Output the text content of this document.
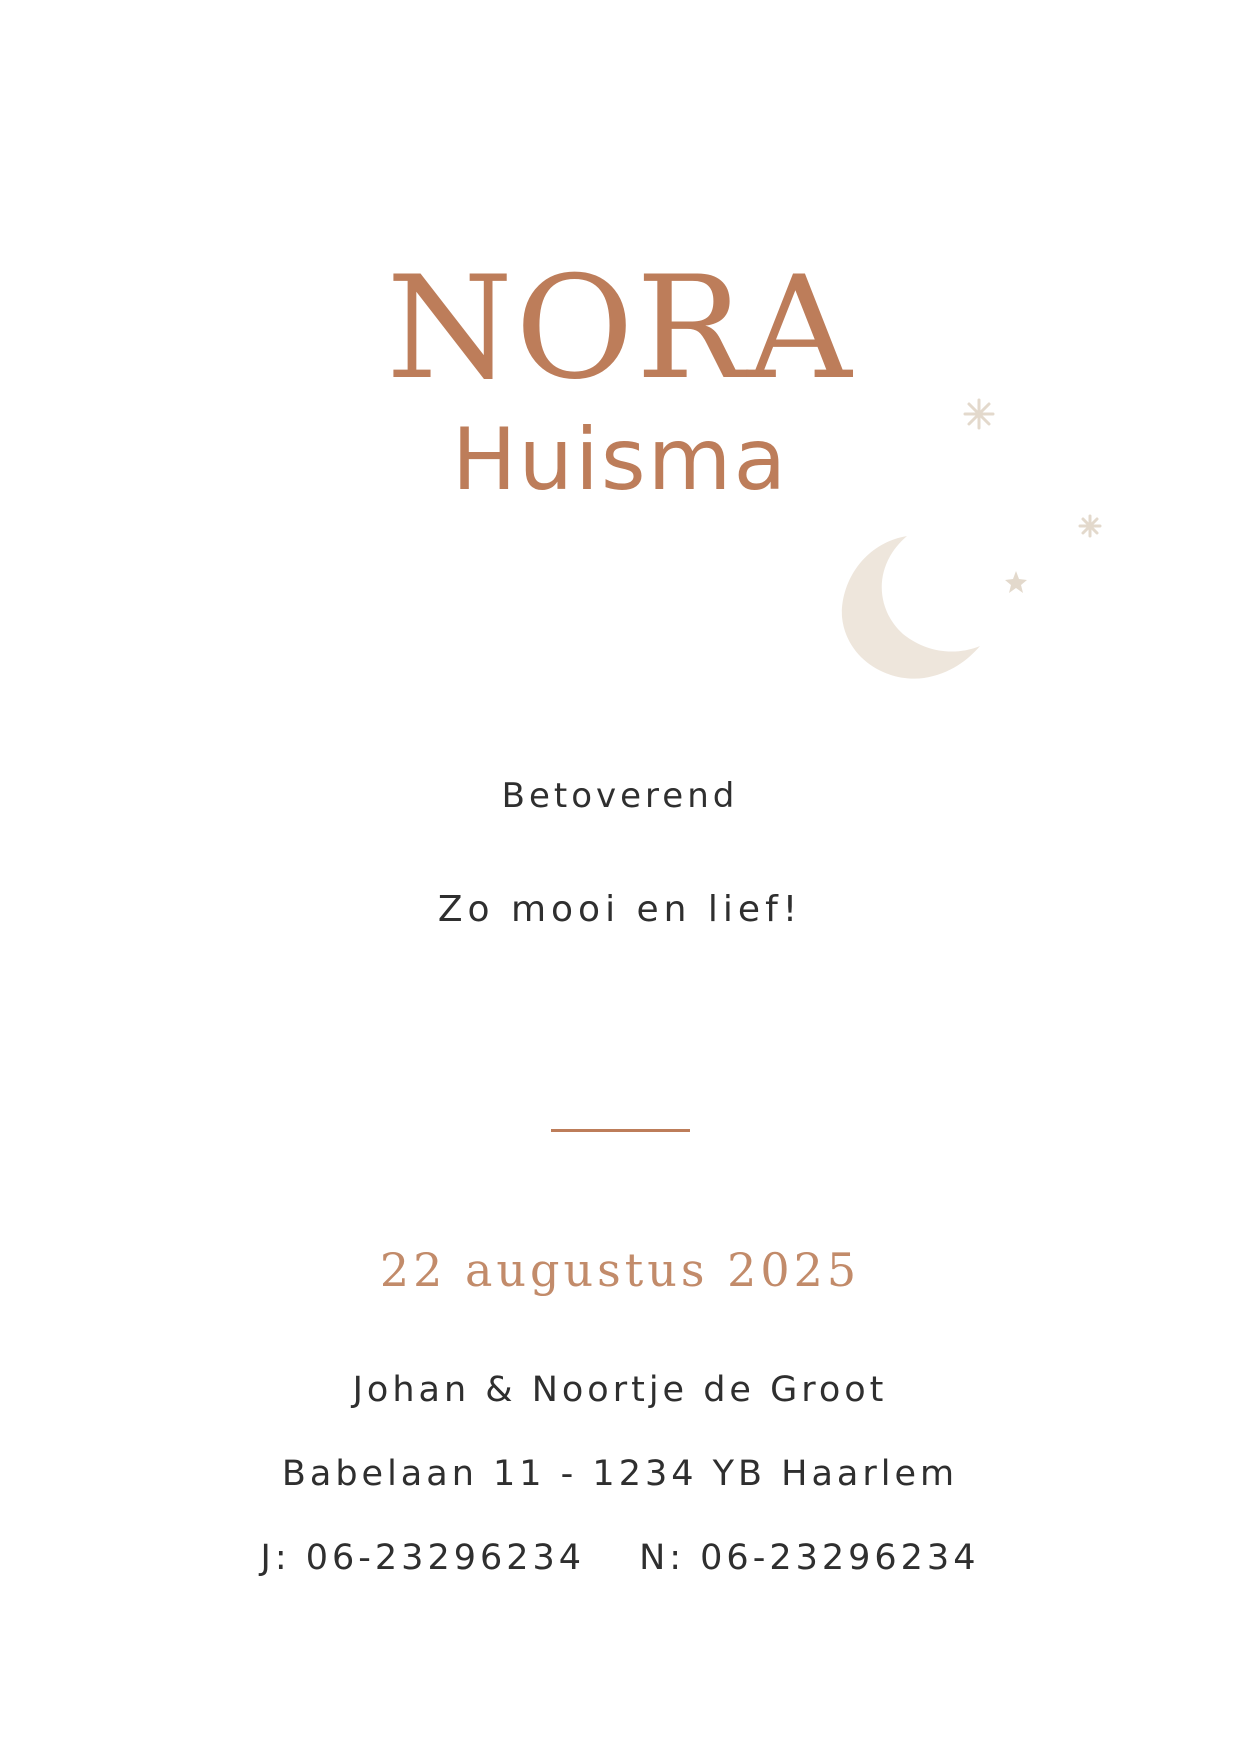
NORA
Huisma
Betoverend
Zo mooi en lief!
22 augustus 2025
Johan & Noortje de Groot
Babelaan 11 - 1234 YB Haarlem
J: 06-23296234 N: 06-23296234
